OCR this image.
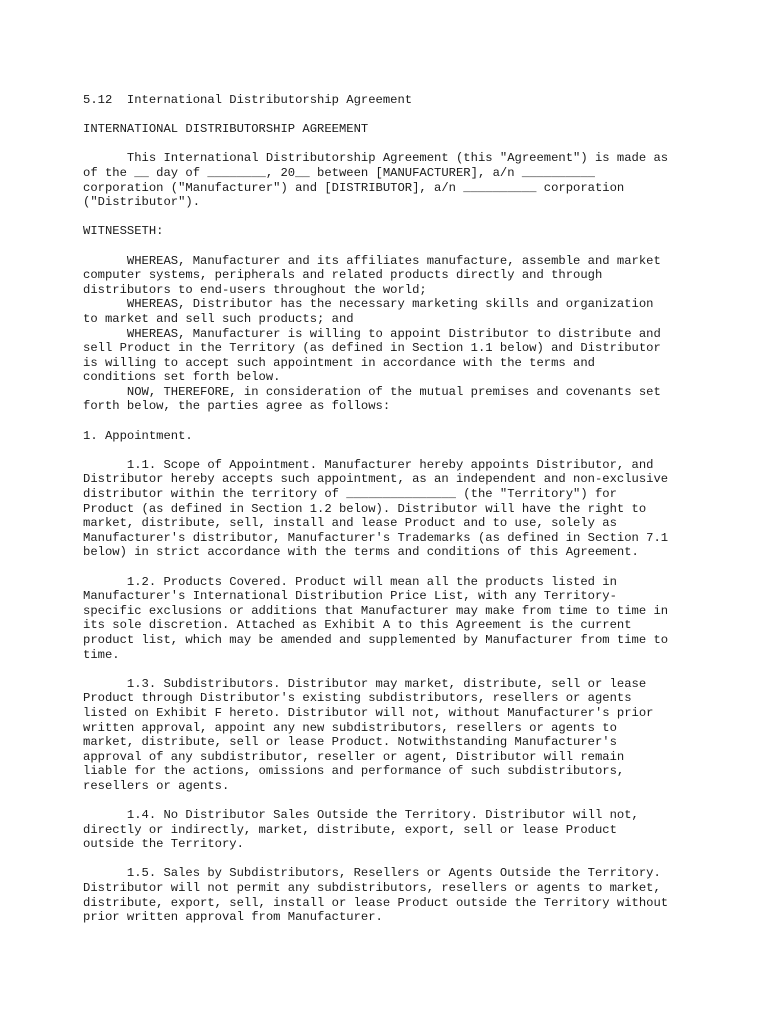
5.12  International Distributorship Agreement
INTERNATIONAL DISTRIBUTORSHIP AGREEMENT
This International Distributorship Agreement (this "Agreement") is made as
of the __ day of ________, 20__ between [MANUFACTURER], a/n __________
corporation ("Manufacturer") and [DISTRIBUTOR], a/n __________ corporation
("Distributor").
WITNESSETH:
WHEREAS, Manufacturer and its affiliates manufacture, assemble and market
computer systems, peripherals and related products directly and through
distributors to end-users throughout the world;
WHEREAS, Distributor has the necessary marketing skills and organization
to market and sell such products; and
WHEREAS, Manufacturer is willing to appoint Distributor to distribute and
sell Product in the Territory (as defined in Section 1.1 below) and Distributor
is willing to accept such appointment in accordance with the terms and
conditions set forth below.
NOW, THEREFORE, in consideration of the mutual premises and covenants set
forth below, the parties agree as follows:
1. Appointment.
1.1. Scope of Appointment. Manufacturer hereby appoints Distributor, and
Distributor hereby accepts such appointment, as an independent and non-exclusive
distributor within the territory of _______________ (the "Territory") for
Product (as defined in Section 1.2 below). Distributor will have the right to
market, distribute, sell, install and lease Product and to use, solely as
Manufacturer's distributor, Manufacturer's Trademarks (as defined in Section 7.1
below) in strict accordance with the terms and conditions of this Agreement.
1.2. Products Covered. Product will mean all the products listed in
Manufacturer's International Distribution Price List, with any Territory-
specific exclusions or additions that Manufacturer may make from time to time in
its sole discretion. Attached as Exhibit A to this Agreement is the current
product list, which may be amended and supplemented by Manufacturer from time to
time.
1.3. Subdistributors. Distributor may market, distribute, sell or lease
Product through Distributor's existing subdistributors, resellers or agents
listed on Exhibit F hereto. Distributor will not, without Manufacturer's prior
written approval, appoint any new subdistributors, resellers or agents to
market, distribute, sell or lease Product. Notwithstanding Manufacturer's
approval of any subdistributor, reseller or agent, Distributor will remain
liable for the actions, omissions and performance of such subdistributors,
resellers or agents.
1.4. No Distributor Sales Outside the Territory. Distributor will not,
directly or indirectly, market, distribute, export, sell or lease Product
outside the Territory.
1.5. Sales by Subdistributors, Resellers or Agents Outside the Territory.
Distributor will not permit any subdistributors, resellers or agents to market,
distribute, export, sell, install or lease Product outside the Territory without
prior written approval from Manufacturer.
